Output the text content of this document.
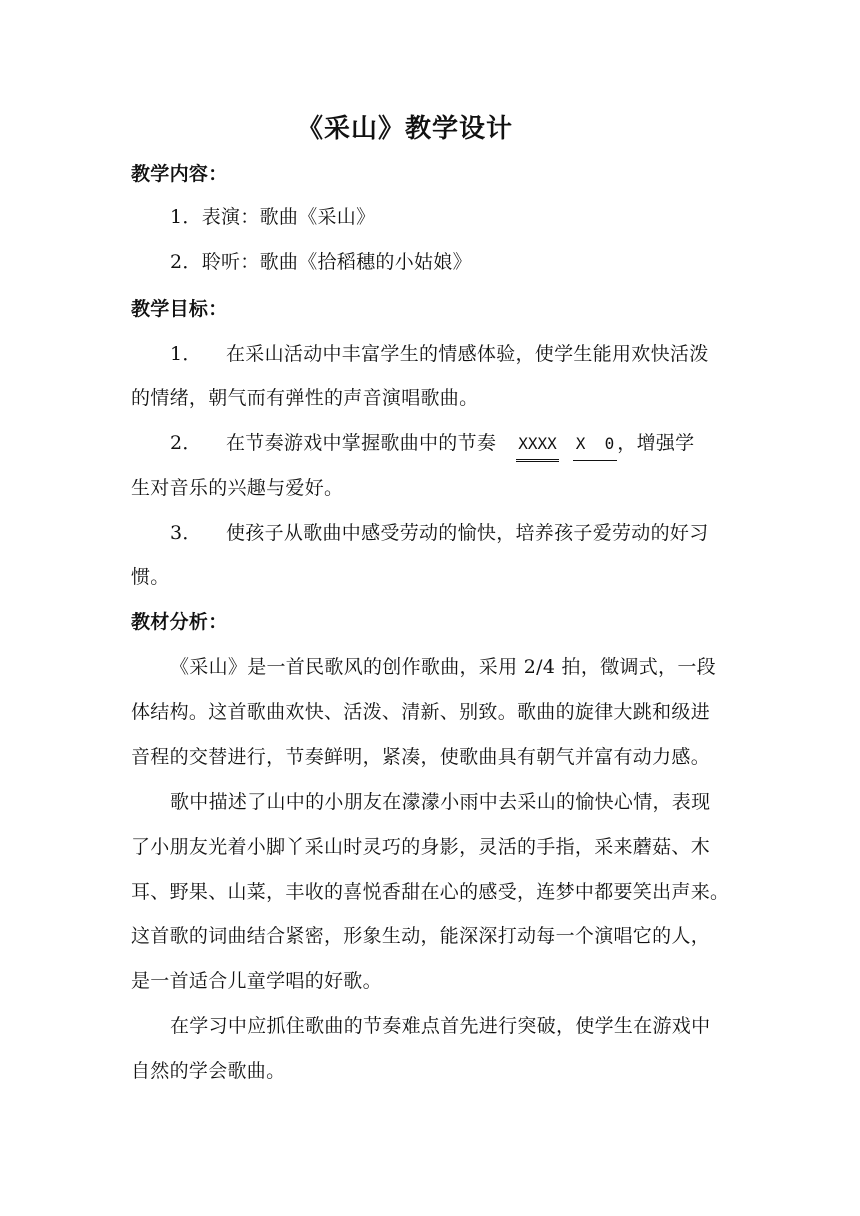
《采山》教学设计
教学内容：
1．表演：歌曲《采山》
2．聆听：歌曲《拾稻穗的小姑娘》
教学目标：
1． 在采山活动中丰富学生的情感体验，使学生能用欢快活泼
的情绪，朝气而有弹性的声音演唱歌曲。
2． 在节奏游戏中掌握歌曲中的节奏 XXXX X  0 ，增强学
生对音乐的兴趣与爱好。
3． 使孩子从歌曲中感受劳动的愉快，培养孩子爱劳动的好习
惯。
教材分析：
《采山》是一首民歌风的创作歌曲，采用 2/4 拍，徵调式，一段
体结构。这首歌曲欢快、活泼、清新、别致。歌曲的旋律大跳和级进
音程的交替进行，节奏鲜明，紧凑，使歌曲具有朝气并富有动力感。
歌中描述了山中的小朋友在濛濛小雨中去采山的愉快心情，表现
了小朋友光着小脚丫采山时灵巧的身影，灵活的手指，采来蘑菇、木
耳、野果、山菜，丰收的喜悦香甜在心的感受，连梦中都要笑出声来。
这首歌的词曲结合紧密，形象生动，能深深打动每一个演唱它的人，
是一首适合儿童学唱的好歌。
在学习中应抓住歌曲的节奏难点首先进行突破，使学生在游戏中
自然的学会歌曲。
